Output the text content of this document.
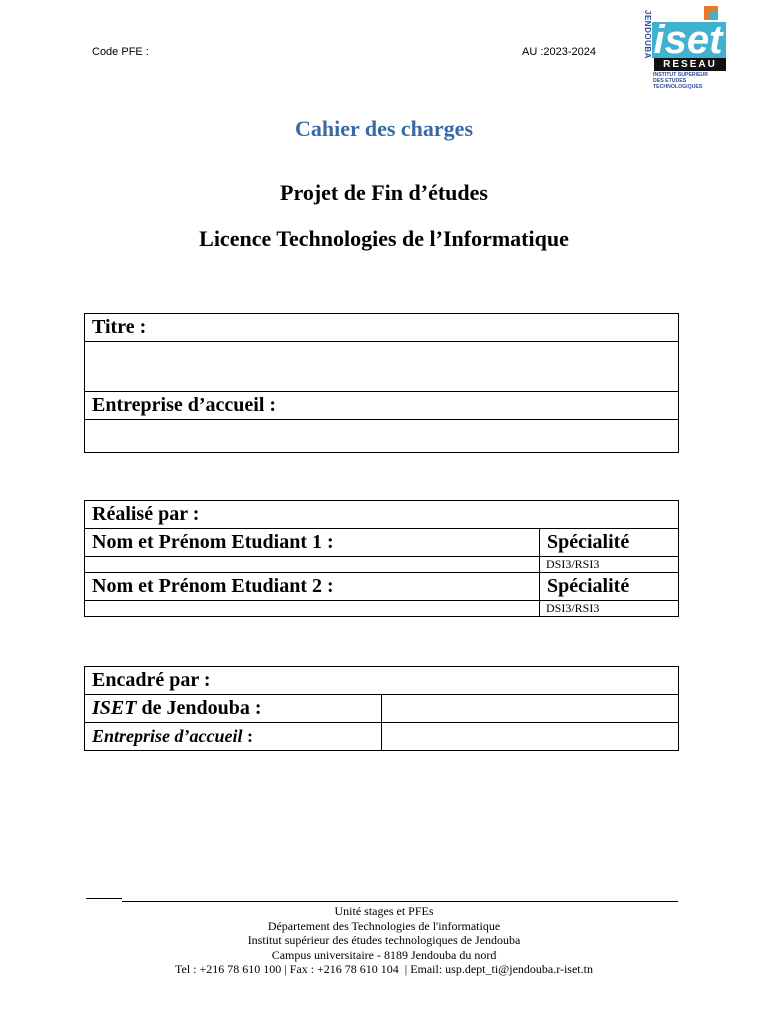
Code PFE :	AU :2023-2024	JENDOUBA iset
RESEAU
INSTITUT SUPERIEUR
DES ETUDES
TECHNOLOGIQUES
Cahier des charges
Projet de Fin d’études
Licence Technologies de l’Informatique
Titre :

Entreprise d’accueil :

Réalisé par :	
Nom et Prénom Etudiant 1 :	Spécialité
	DSI3/RSI3
Nom et Prénom Etudiant 2 :	Spécialité
	DSI3/RSI3
Encadré par :	
ISET de Jendouba :	
Entreprise d’accueil :	
Unité stages et PFEs
Département des Technologies de l'informatique
Institut supérieur des études technologiques de Jendouba
Campus universitaire - 8189 Jendouba du nord
Tel : +216 78 610 100 | Fax : +216 78 610 104  | Email: usp.dept_ti@jendouba.r-iset.tn
